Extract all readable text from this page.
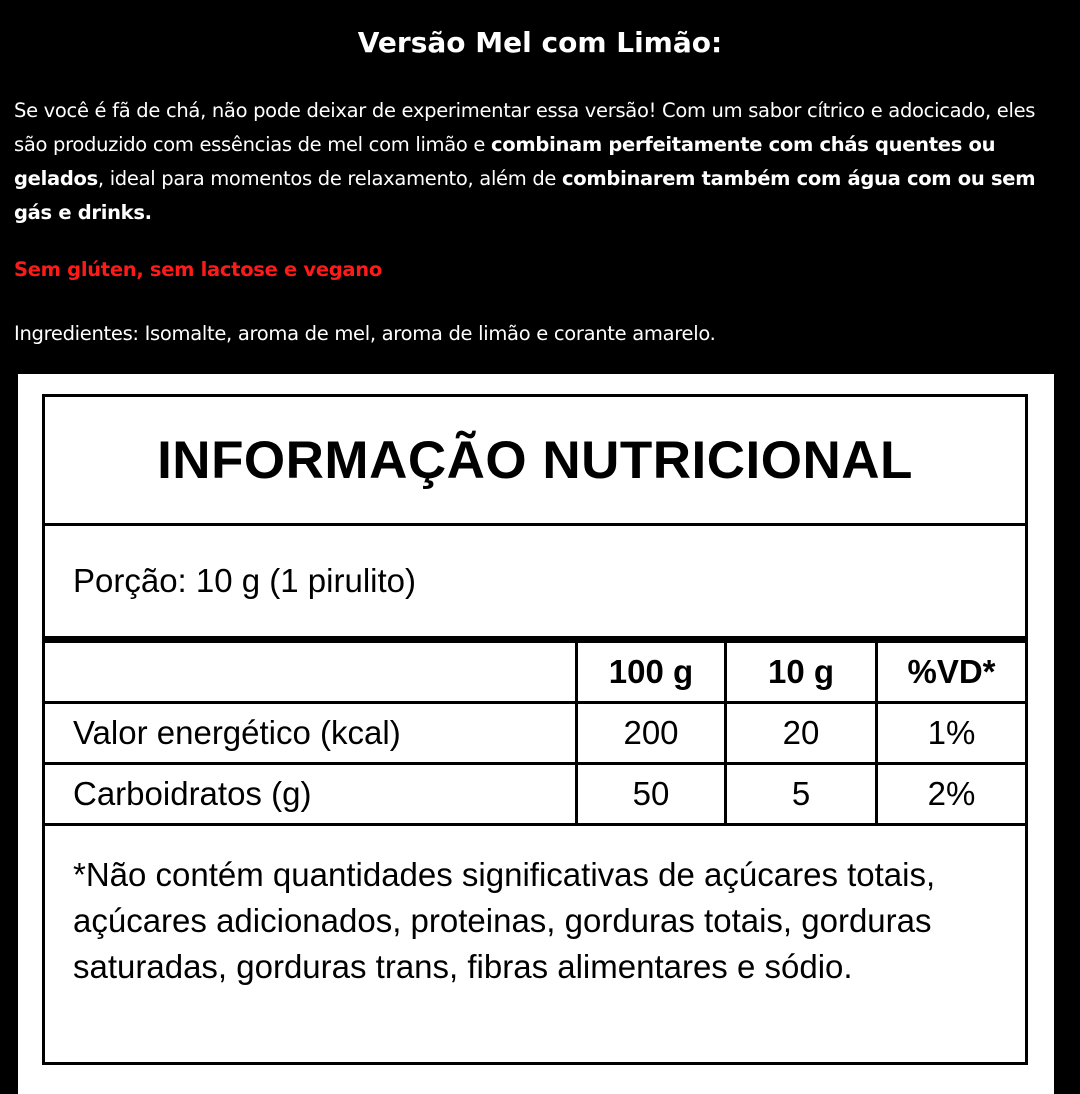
Versão Mel com Limão:
Se você é fã de chá, não pode deixar de experimentar essa versão! Com um sabor cítrico e adocicado, eles são produzido com essências de mel com limão e combinam perfeitamente com chás quentes ou gelados, ideal para momentos de relaxamento, além de combinarem também com água com ou sem gás e drinks.
Sem glúten, sem lactose e vegano
Ingredientes: Isomalte, aroma de mel, aroma de limão e corante amarelo.
INFORMAÇÃO NUTRICIONAL
Porção: 10 g (1 pirulito)
	100 g	10 g	%VD*
Valor energético (kcal)	200	20	1%
Carboidratos (g)	50	5	2%
*Não contém quantidades significativas de açúcares totais, açúcares adicionados, proteinas, gorduras totais, gorduras saturadas, gorduras trans, fibras alimentares e sódio.
